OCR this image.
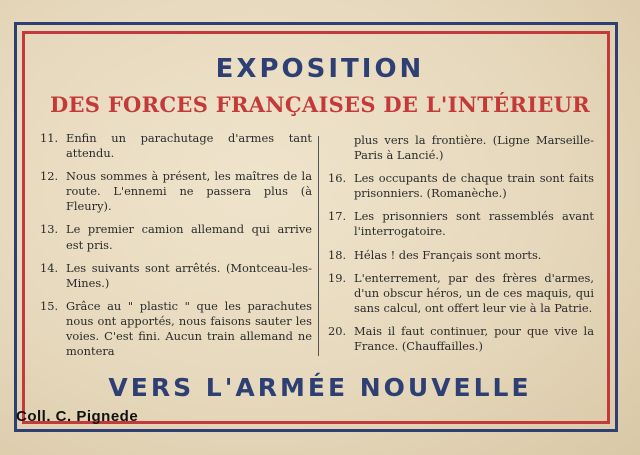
EXPOSITION
DES FORCES FRANÇAISES DE L'INTÉRIEUR
11. Enfin un parachutage d'armes tant attendu.
12. Nous sommes à présent, les maîtres de la route. L'ennemi ne passera plus (à Fleury).
13. Le premier camion allemand qui arrive est pris.
14. Les suivants sont arrêtés. (Montceau-les-Mines.)
15. Grâce au " plastic " que les parachutes nous ont apportés, nous faisons sauter les voies. C'est fini. Aucun train allemand ne montera
plus vers la frontière. (Ligne Marseille-Paris à Lancié.)
16. Les occupants de chaque train sont faits prisonniers. (Romanèche.)
17. Les prisonniers sont rassemblés avant l'interrogatoire.
18. Hélas ! des Français sont morts.
19. L'enterrement, par des frères d'armes, d'un obscur héros, un de ces maquis, qui sans calcul, ont offert leur vie à la Patrie.
20. Mais il faut continuer, pour que vive la France. (Chauffailles.)
VERS L'ARMÉE NOUVELLE
Coll. C. Pignede
